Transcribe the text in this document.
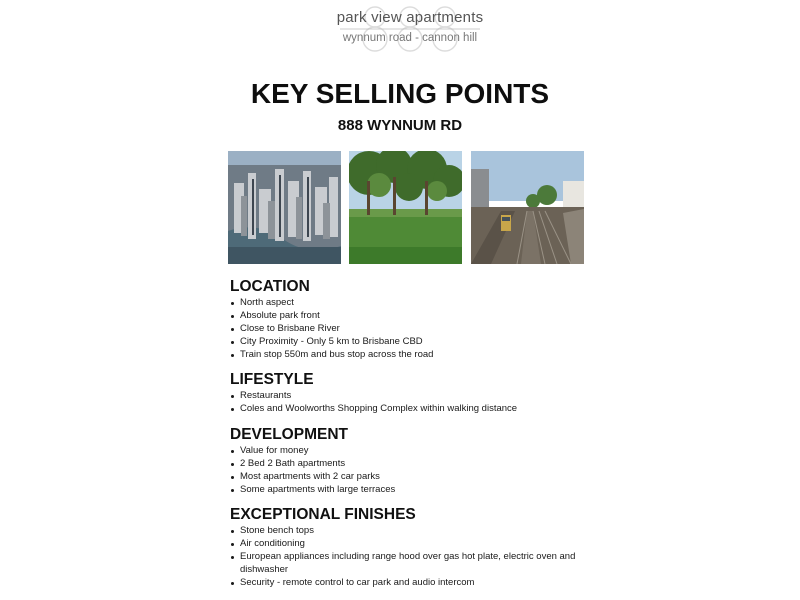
park view apartments
wynnum road - cannon hill
KEY SELLING POINTS
888 WYNNUM RD
LOCATION
North aspect
Absolute park front
Close to Brisbane River
City Proximity - Only 5 km to Brisbane CBD
Train stop 550m and bus stop across the road
LIFESTYLE
Restaurants
Coles and Woolworths Shopping Complex within walking distance
DEVELOPMENT
Value for money
2 Bed 2 Bath apartments
Most apartments with 2 car parks
Some apartments with large terraces
EXCEPTIONAL FINISHES
Stone bench tops
Air conditioning
European appliances including range hood over gas hot plate, electric oven and dishwasher
Security - remote control to car park and audio intercom
